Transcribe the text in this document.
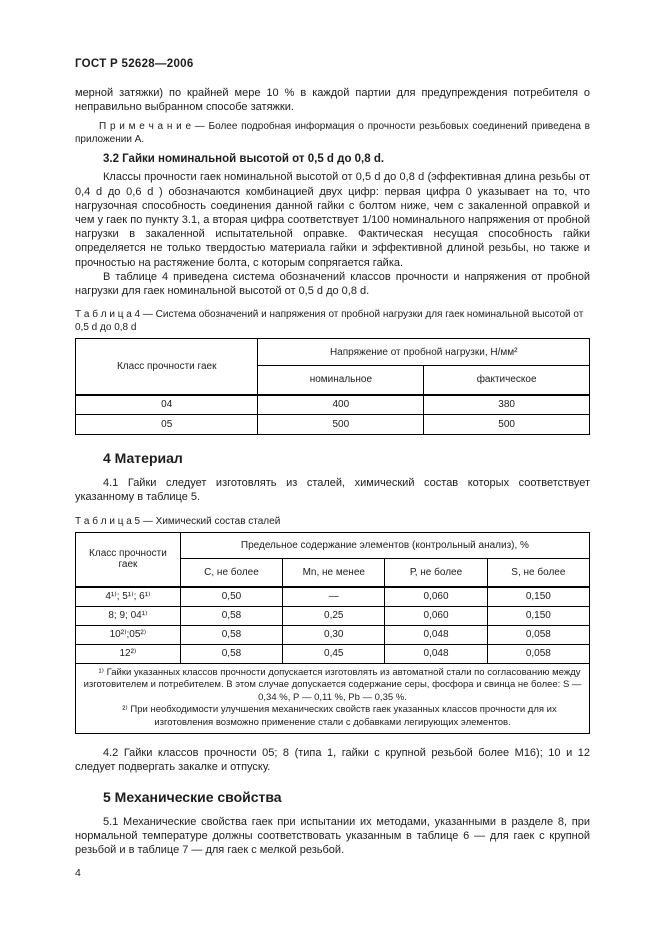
ГОСТ Р 52628—2006

мерной затяжки) по крайней мере 10 % в каждой партии для предупреждения потребителя о неправильно выбранном способе затяжки.

П р и м е ч а н и е — Более подробная информация о прочности резьбовых соединений приведена в приложении А.

3.2 Гайки номинальной высотой от 0,5 d до 0,8 d.

Классы прочности гаек номинальной высотой от 0,5 d до 0,8 d (эффективная длина резьбы от 0,4 d до 0,6 d ) обозначаются комбинацией двух цифр: первая цифра 0 указывает на то, что нагрузочная способность соединения данной гайки с болтом ниже, чем с закаленной оправкой и чем у гаек по пункту 3.1, а вторая цифра соответствует 1/100 номинального напряжения от пробной нагрузки в закаленной испытательной оправке. Фактическая несущая способность гайки определяется не только твердостью материала гайки и эффективной длиной резьбы, но также и прочностью на растяжение болта, с которым сопрягается гайка.

В таблице 4 приведена система обозначений классов прочности и напряжения от пробной нагрузки для гаек номинальной высотой от 0,5 d до 0,8 d.

Т а б л и ц а 4 — Система обозначений и напряжения от пробной нагрузки для гаек номинальной высотой от 0,5 d до 0,8 d

Класс прочности гаек	Напряжение от пробной нагрузки, Н/мм²	
	номинальное	фактическое
04	400	380
05	500	500
4 Материал

4.1 Гайки следует изготовлять из сталей, химический состав которых соответствует указанному в таблице 5.

Т а б л и ц а 5 — Химический состав сталей

Класс прочности гаек	Предельное содержание элементов (контрольный анализ), %			
	С, не более	Mn, не менее	Р, не более	S, не более
4¹⁾; 5¹⁾; 6¹⁾	0,50	—	0,060	0,150
8; 9; 04¹⁾	0,58	0,25	0,060	0,150
10²⁾;05²⁾	0,58	0,30	0,048	0,058
12²⁾	0,58	0,45	0,048	0,058

¹⁾ Гайки указанных классов прочности допускается изготовлять из автоматной стали по согласованию между изготовителем и потребителем. В этом случае допускается содержание серы, фосфора и свинца не более: S — 0,34 %, Р — 0,11 %, Pb — 0,35 %.

²⁾ При необходимости улучшения механических свойств гаек указанных классов прочности для их изготовления возможно применение стали с добавками легирующих элементов.				

4.2 Гайки классов прочности 05; 8 (типа 1, гайки с крупной резьбой более М16); 10 и 12 следует подвергать закалке и отпуску.

5 Механические свойства

5.1 Механические свойства гаек при испытании их методами, указанными в разделе 8, при нормальной температуре должны соответствовать указанным в таблице 6 — для гаек с крупной резьбой и в таблице 7 — для гаек с мелкой резьбой.

4
